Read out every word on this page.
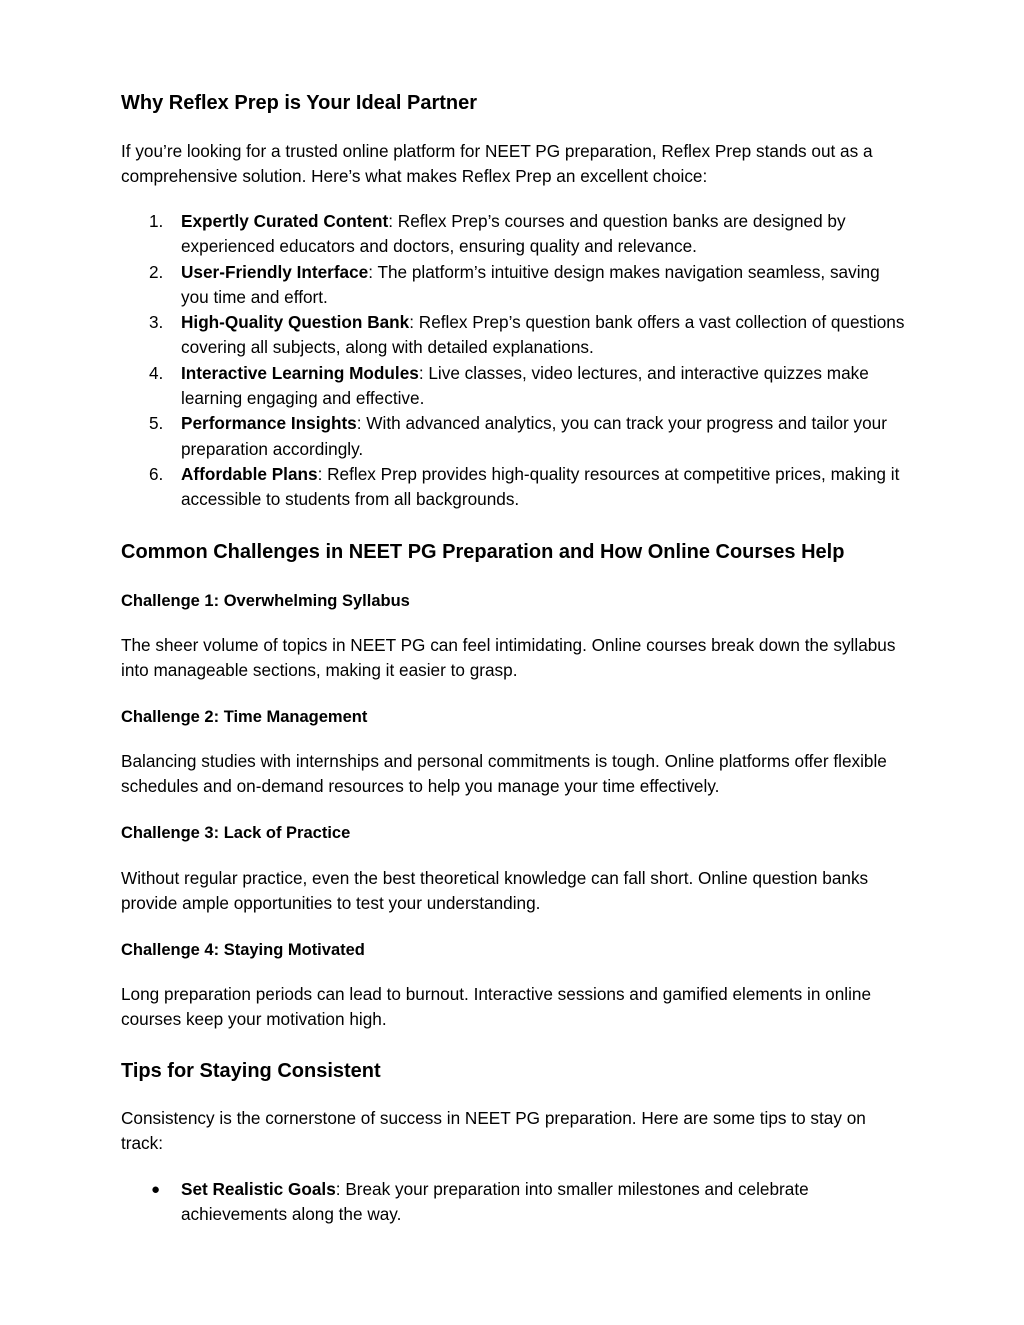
Why Reflex Prep is Your Ideal Partner

If you’re looking for a trusted online platform for NEET PG preparation, Reflex Prep stands out as a comprehensive solution. Here’s what makes Reflex Prep an excellent choice:

1.	Expertly Curated Content: Reflex Prep’s courses and question banks are designed by experienced educators and doctors, ensuring quality and relevance.
2.	User-Friendly Interface: The platform’s intuitive design makes navigation seamless, saving you time and effort.
3.	High-Quality Question Bank: Reflex Prep’s question bank offers a vast collection of questions covering all subjects, along with detailed explanations.
4.	Interactive Learning Modules: Live classes, video lectures, and interactive quizzes make learning engaging and effective.
5.	Performance Insights: With advanced analytics, you can track your progress and tailor your preparation accordingly.
6.	Affordable Plans: Reflex Prep provides high-quality resources at competitive prices, making it accessible to students from all backgrounds.
Common Challenges in NEET PG Preparation and How Online Courses Help
Challenge 1: Overwhelming Syllabus

The sheer volume of topics in NEET PG can feel intimidating. Online courses break down the syllabus into manageable sections, making it easier to grasp.

Challenge 2: Time Management

Balancing studies with internships and personal commitments is tough. Online platforms offer flexible schedules and on-demand resources to help you manage your time effectively.

Challenge 3: Lack of Practice

Without regular practice, even the best theoretical knowledge can fall short. Online question banks provide ample opportunities to test your understanding.

Challenge 4: Staying Motivated

Long preparation periods can lead to burnout. Interactive sessions and gamified elements in online courses keep your motivation high.

Tips for Staying Consistent

Consistency is the cornerstone of success in NEET PG preparation. Here are some tips to stay on track:

● Set Realistic Goals: Break your preparation into smaller milestones and celebrate achievements along the way.
